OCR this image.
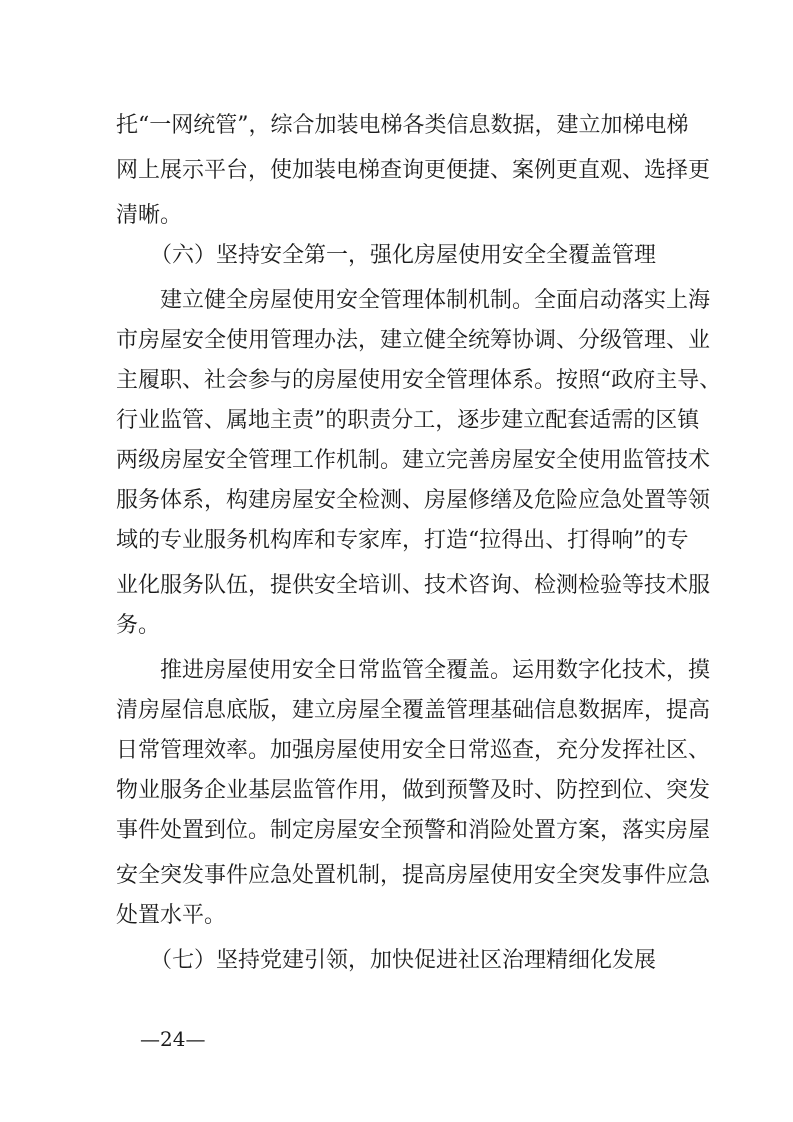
托“一网统管”，综合加装电梯各类信息数据，建立加梯电梯
网上展示平台，使加装电梯查询更便捷、案例更直观、选择更
清晰。
（六）坚持安全第一，强化房屋使用安全全覆盖管理
建立健全房屋使用安全管理体制机制。全面启动落实上海
市房屋安全使用管理办法，建立健全统筹协调、分级管理、业
主履职、社会参与的房屋使用安全管理体系。按照“政府主导、
行业监管、属地主责”的职责分工，逐步建立配套适需的区镇
两级房屋安全管理工作机制。建立完善房屋安全使用监管技术
服务体系，构建房屋安全检测、房屋修缮及危险应急处置等领
域的专业服务机构库和专家库，打造“拉得出、打得响”的专
业化服务队伍，提供安全培训、技术咨询、检测检验等技术服
务。
推进房屋使用安全日常监管全覆盖。运用数字化技术，摸
清房屋信息底版，建立房屋全覆盖管理基础信息数据库，提高
日常管理效率。加强房屋使用安全日常巡查，充分发挥社区、
物业服务企业基层监管作用，做到预警及时、防控到位、突发
事件处置到位。制定房屋安全预警和消险处置方案，落实房屋
安全突发事件应急处置机制，提高房屋使用安全突发事件应急
处置水平。
（七）坚持党建引领，加快促进社区治理精细化发展
—24—
